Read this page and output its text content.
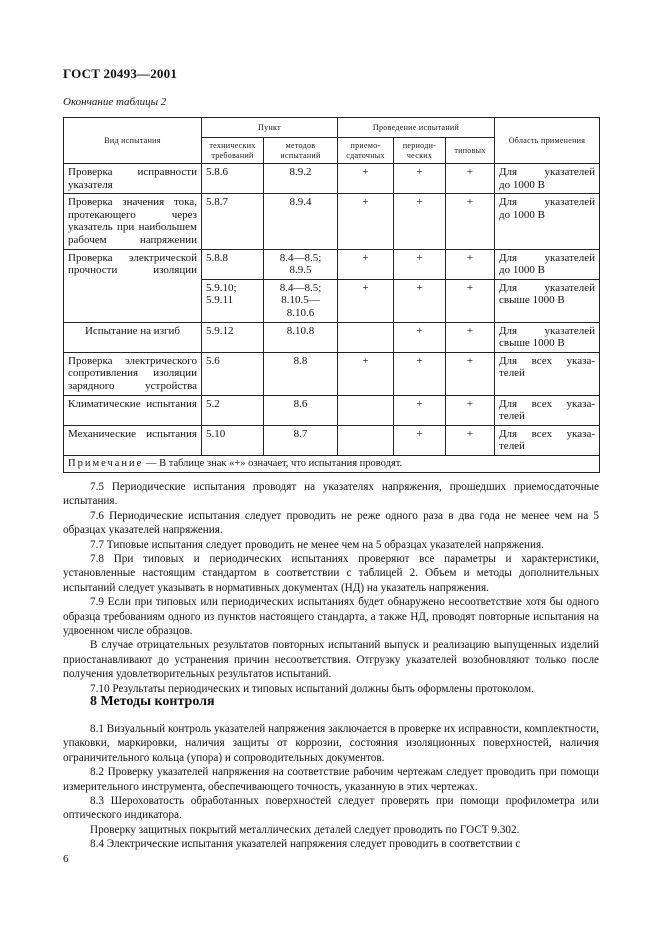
ГОСТ 20493—2001
Окончание таблицы 2
Вид испытания	Пункт		Проведение испытаний			Область применения
	технических требований	методов испытаний	приемо-сдаточных	периоди-ческих	типовых	
Проверка исправности указателя	5.8.6	8.9.2	+	+	+	Для указателей
до 1000 В

Проверка значения тока, протекающего через указатель при наибольшем рабочем напряжении	5.8.7	8.9.4	+	+	+	Для указателей
до 1000 В

Проверка электрической прочности изоляции	5.8.8	8.4—8.5; 8.9.5	+	+	+	Для указателей
до 1000 В

	5.9.10; 5.9.11	8.4—8.5; 8.10.5—8.10.6	+	+	+	Для указателей
свыше 1000 В

Испытание на изгиб	5.9.12	8.10.8		+	+	Для указателей
свыше 1000 В

Проверка электрического сопротивления изоляции зарядного устройства	5.6	8.8	+	+	+	Для всех указа-
телей

Климатические испытания	5.2	8.6		+	+	Для всех указа-
телей

Механические испытания	5.10	8.7		+	+	Для всех указа-
телей

Примечание — В таблице знак «+» означает, что испытания проводят.						

7.5 Периодические испытания проводят на указателях напряжения, прошедших приемосдаточные испытания.

7.6 Периодические испытания следует проводить не реже одного раза в два года не менее чем на 5 образцах указателей напряжения.

7.7 Типовые испытания следует проводить не менее чем на 5 образцах указателей напряжения.

7.8 При типовых и периодических испытаниях проверяют все параметры и характеристики, установленные настоящим стандартом в соответствии с таблицей 2. Объем и методы дополнительных испытаний следует указывать в нормативных документах (НД) на указатель напряжения.

7.9 Если при типовых или периодических испытаниях будет обнаружено несоответствие хотя бы одного образца требованиям одного из пунктов настоящего стандарта, а также НД, проводят повторные испытания на удвоенном числе образцов.

В случае отрицательных результатов повторных испытаний выпуск и реализацию выпущенных изделий приостанавливают до устранения причин несоответствия. Отгрузку указателей возобновляют только после получения удовлетворительных результатов испытаний.

7.10 Результаты периодических и типовых испытаний должны быть оформлены протоколом.

8 Методы контроля

8.1 Визуальный контроль указателей напряжения заключается в проверке их исправности, комплектности, упаковки, маркировки, наличия защиты от коррозии, состояния изоляционных поверхностей, наличия ограничительного кольца (упора) и сопроводительных документов.

8.2 Проверку указателей напряжения на соответствие рабочим чертежам следует проводить при помощи измерительного инструмента, обеспечивающего точность, указанную в этих чертежах.

8.3 Шероховатость обработанных поверхностей следует проверять при помощи профилометра или оптического индикатора.

Проверку защитных покрытий металлических деталей следует проводить по ГОСТ 9.302.

8.4 Электрические испытания указателей напряжения следует проводить в соответствии с

6
